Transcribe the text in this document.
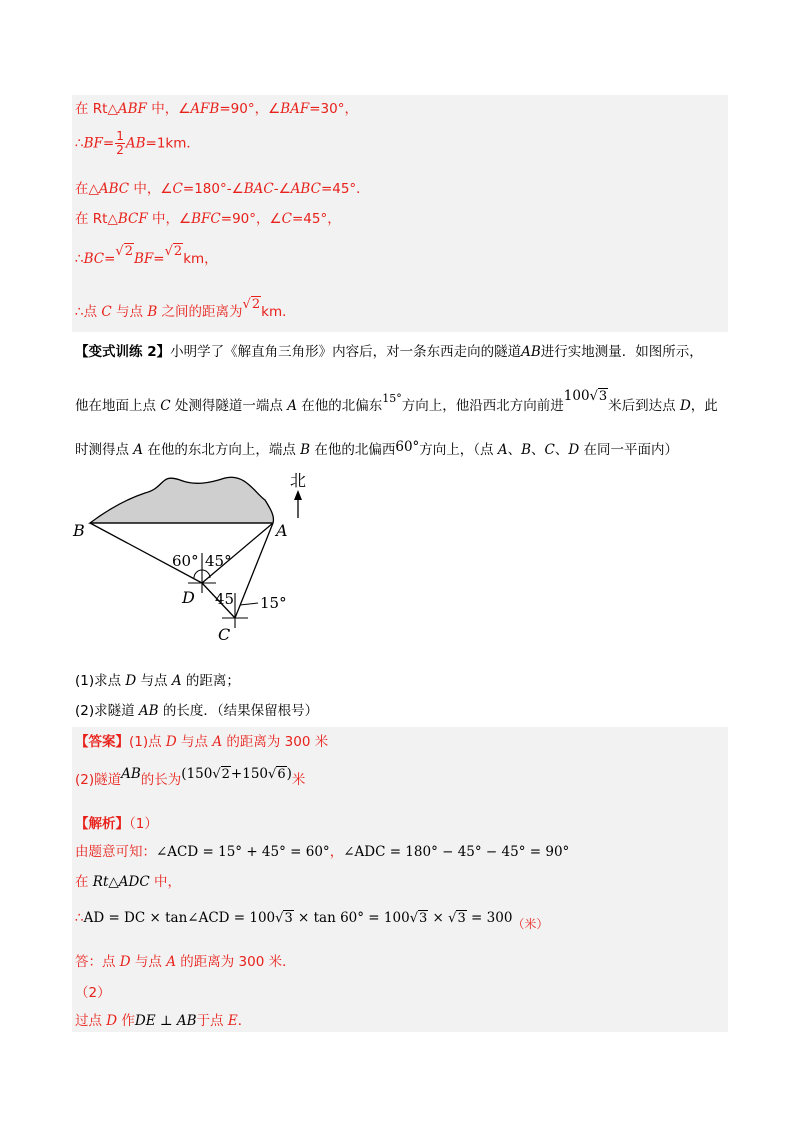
在 Rt△ABF 中，∠AFB=90°，∠BAF=30°，
∴BF= $\frac{1}{2} AB=1km$．
在△ABC 中，∠C=180°-∠BAC-∠ABC=45°．
在 Rt△BCF 中，∠BFC=90°，∠C=45°，
∴BC=√2BF=√2km，
∴点 C 与点 B 之间的距离为√2km．
【变式训练 2】小明学了《解直角三角形》内容后，对一条东西走向的隧道AB进行实地测量．如图所示，
他在地面上点 C 处测得隧道一端点 A 在他的北偏东$^{15^\circ}$方向上，他沿西北方向前进100√3米后到达点 D，此
时测得点 A 在他的东北方向上，端点 B 在他的北偏西60°方向上，（点 A、B、C、D 在同一平面内）
北
B	A
D
C
60° 45°
45 15°
(1)求点 D 与点 A 的距离；
(2)求隧道 AB 的长度．（结果保留根号）
【答案】(1)点 D 与点 A 的距离为 300 米
(2)隧道AB的长为(150√2+150√6)米
【解析】（1）
由题意可知：∠ACD = 15° + 45° = 60°，∠ADC = 180° − 45° − 45° = 90°
在 Rt△ADC 中，
∴AD = DC × tan∠ACD = 100√3 × tan 60° = 100√3 × √3 = 300（米）
答：点 D 与点 A 的距离为 300 米．
（2）
过点 D 作DE ⊥ AB于点 E．
